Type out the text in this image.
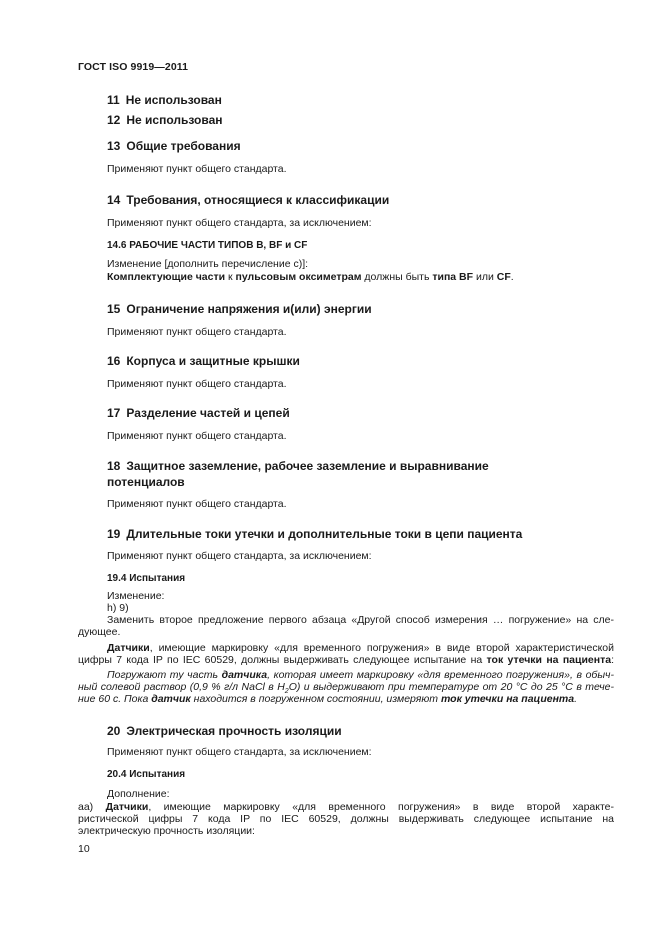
ГОСТ ISO 9919—2011
11 Не использован
12 Не использован
13 Общие требования
Применяют пункт общего стандарта.
14 Требования, относящиеся к классификации
Применяют пункт общего стандарта, за исключением:
14.6 РАБОЧИЕ ЧАСТИ ТИПОВ В, BF и CF
Изменение [дополнить перечисление с)]:
Комплектующие части к пульсовым оксиметрам должны быть типа BF или CF.
15 Ограничение напряжения и(или) энергии
Применяют пункт общего стандарта.
16 Корпуса и защитные крышки
Применяют пункт общего стандарта.
17 Разделение частей и цепей
Применяют пункт общего стандарта.
18 Защитное заземление, рабочее заземление и выравнивание
потенциалов
Применяют пункт общего стандарта.
19 Длительные токи утечки и дополнительные токи в цепи пациента
Применяют пункт общего стандарта, за исключением:
19.4 Испытания
Изменение:
h) 9)
Заменить второе предложение первого абзаца «Другой способ измерения … погружение» на сле-
дующее.
Датчики, имеющие маркировку «для временного погружения» в виде второй характеристической
цифры 7 кода IP по IEC 60529, должны выдерживать следующее испытание на ток утечки на пациента:
Погружают ту часть датчика, которая имеет маркировку «для временного погружения», в обыч-
ный солевой раствор (0,9 % г/л NaCl в $H_2O$) и выдерживают при температуре от 20 °С до 25 °С в тече-
ние 60 с. Пока датчик находится в погруженном состоянии, измеряют ток утечки на пациента.
20 Электрическая прочность изоляции
Применяют пункт общего стандарта, за исключением:
20.4 Испытания
Дополнение:
аа) Датчики, имеющие маркировку «для временного погружения» в виде второй характе-
ристической цифры 7 кода IP по IEC 60529, должны выдерживать следующее испытание на
электрическую прочность изоляции:
10
